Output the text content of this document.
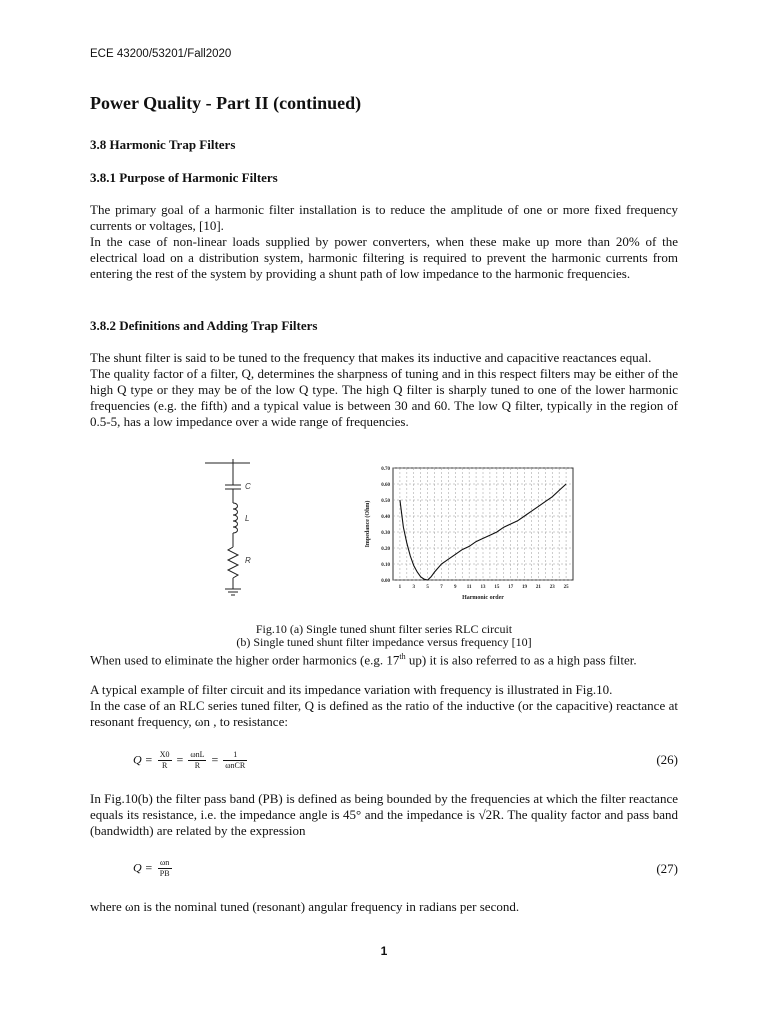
ECE 43200/53201/Fall2020
Power Quality - Part II (continued)
3.8 Harmonic Trap Filters
3.8.1 Purpose of Harmonic Filters
The primary goal of a harmonic filter installation is to reduce the amplitude of one or more fixed frequency currents or voltages, [10].
In the case of non-linear loads supplied by power converters, when these make up more than 20% of the electrical load on a distribution system, harmonic filtering is required to prevent the harmonic currents from entering the rest of the system by providing a shunt path of low impedance to the harmonic frequencies.
3.8.2 Definitions and Adding Trap Filters
The shunt filter is said to be tuned to the frequency that makes its inductive and capacitive reactances equal.
The quality factor of a filter, Q, determines the sharpness of tuning and in this respect filters may be either of the high Q type or they may be of the low Q type. The high Q filter is sharply tuned to one of the lower harmonic frequencies (e.g. the fifth) and a typical value is between 30 and 60. The low Q filter, typically in the region of 0.5-5, has a low impedance over a wide range of frequencies.
C
L
R
0.00
0.10
0.20
0.30
0.40
0.50
0.60
0.70
1 3 5 7 9 11 13 15 17 19 21 23 25
Harmonic order
Impedance (Ohm)
Fig.10 (a) Single tuned shunt filter series RLC circuit
(b) Single tuned shunt filter impedance versus frequency [10]
When used to eliminate the higher order harmonics (e.g. 17th up) it is also referred to as a high pass filter.
A typical example of filter circuit and its impedance variation with frequency is illustrated in Fig.10.
In the case of an RLC series tuned filter, Q is defined as the ratio of the inductive (or the capacitive) reactance at resonant frequency, ωn , to resistance:
$Q = \frac{X0}{R} = \frac{\text{ωnL}}{R} = \frac{1}{\text{ωnCR}}$	(26)
In Fig.10(b) the filter pass band (PB) is defined as being bounded by the frequencies at which the filter reactance equals its resistance, i.e. the impedance angle is 45° and the impedance is √2R. The quality factor and pass band (bandwidth) are related by the expression
$Q = \frac{\omega n}{PB}$	(27)
where ωn is the nominal tuned (resonant) angular frequency in radians per second.
1
